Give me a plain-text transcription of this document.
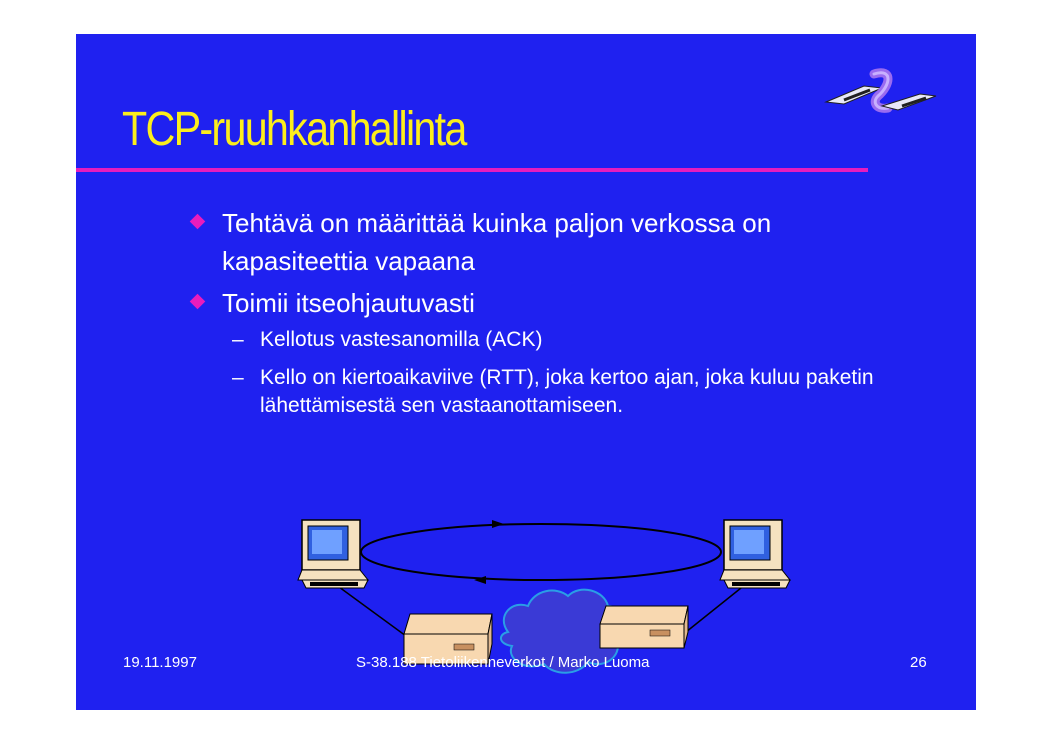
TCP-ruuhkanhallinta
Tehtävä on määrittää kuinka paljon verkossa on kapasiteettia vapaana
Toimii itseohjautuvasti
– Kellotus vastesanomilla (ACK)
– Kello on kiertoaikaviive (RTT), joka kertoo ajan, joka kuluu paketin lähettämisestä sen vastaanottamiseen.
19.11.1997	S-38.188 Tietoliikenneverkot / Marko Luoma	26
